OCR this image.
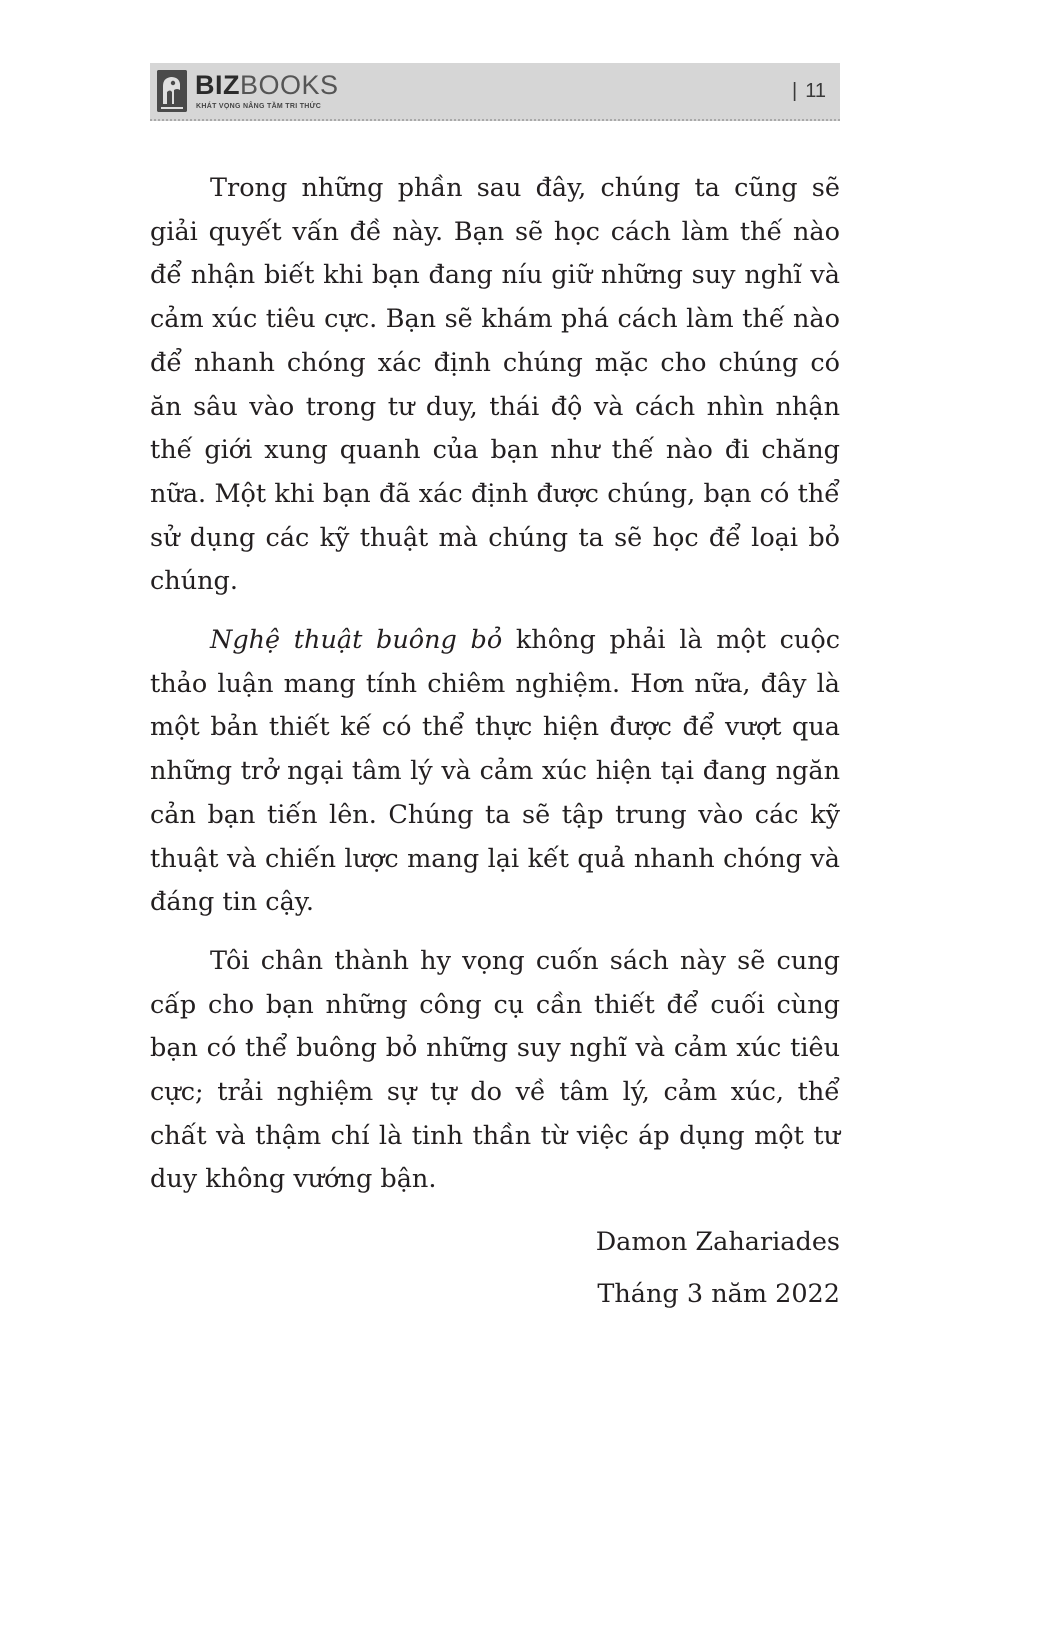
BIZBOOKS
KHÁT VỌNG NÂNG TẦM TRI THỨC
| 11

Trong những phần sau đây, chúng ta cũng sẽ giải quyết vấn đề này. Bạn sẽ học cách làm thế nào để nhận biết khi bạn đang níu giữ những suy nghĩ và cảm xúc tiêu cực. Bạn sẽ khám phá cách làm thế nào để nhanh chóng xác định chúng mặc cho chúng có ăn sâu vào trong tư duy, thái độ và cách nhìn nhận thế giới xung quanh của bạn như thế nào đi chăng nữa. Một khi bạn đã xác định được chúng, bạn có thể sử dụng các kỹ thuật mà chúng ta sẽ học để loại bỏ chúng.

Nghệ thuật buông bỏ không phải là một cuộc thảo luận mang tính chiêm nghiệm. Hơn nữa, đây là một bản thiết kế có thể thực hiện được để vượt qua những trở ngại tâm lý và cảm xúc hiện tại đang ngăn cản bạn tiến lên. Chúng ta sẽ tập trung vào các kỹ thuật và chiến lược mang lại kết quả nhanh chóng và đáng tin cậy.

Tôi chân thành hy vọng cuốn sách này sẽ cung cấp cho bạn những công cụ cần thiết để cuối cùng bạn có thể buông bỏ những suy nghĩ và cảm xúc tiêu cực; trải nghiệm sự tự do về tâm lý, cảm xúc, thể chất và thậm chí là tinh thần từ việc áp dụng một tư duy không vướng bận.

Damon Zahariades
Tháng 3 năm 2022
